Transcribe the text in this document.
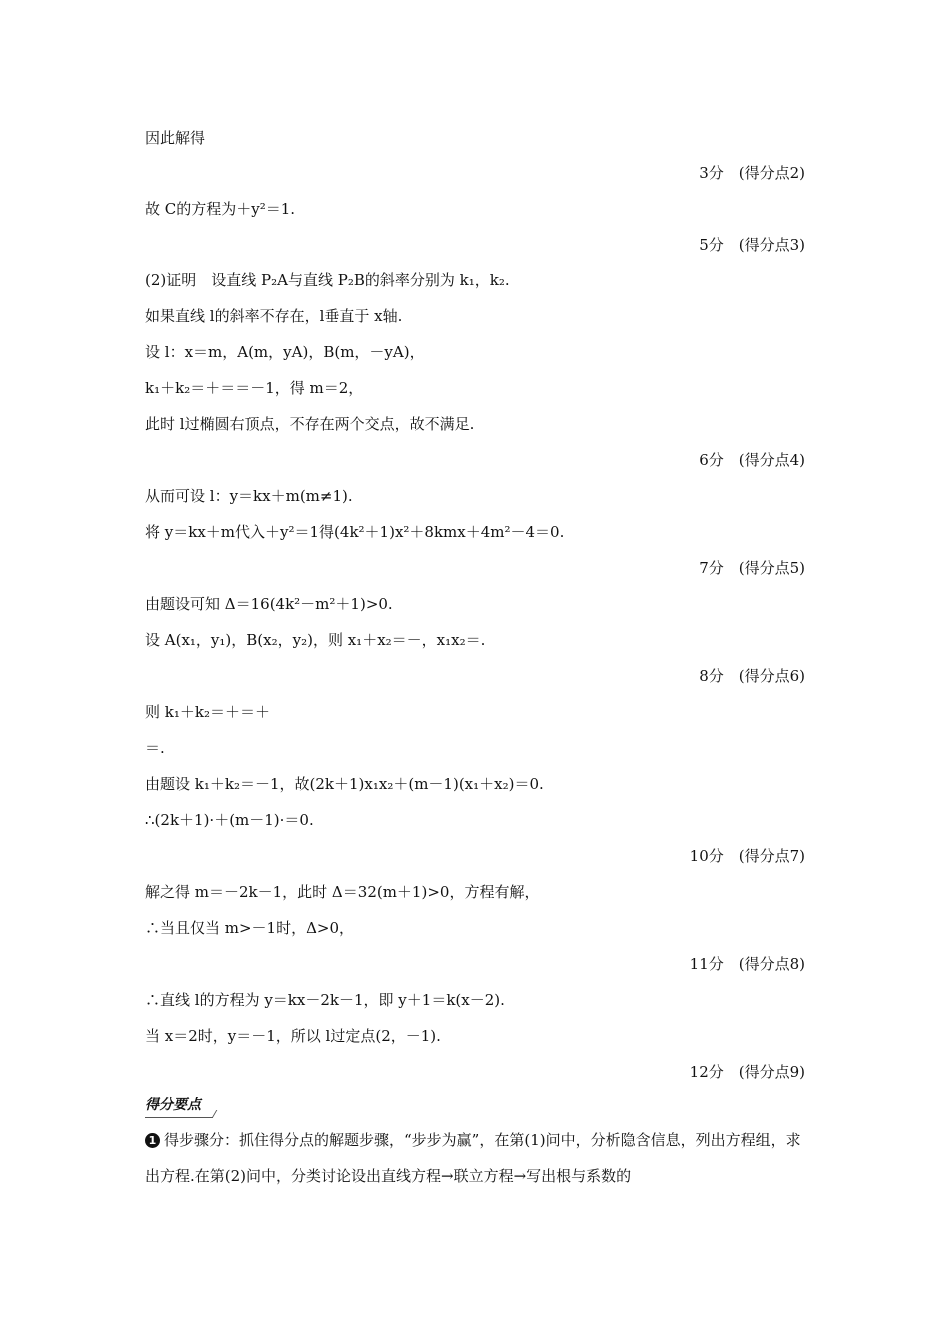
因此解得
3分　(得分点2)
故 C的方程为＋y²＝1.
5分　(得分点3)
(2)证明　设直线 P₂A与直线 P₂B的斜率分别为 k₁，k₂.
如果直线 l的斜率不存在，l垂直于 x轴.
设 l：x＝m，A(m，yA)，B(m，－yA)，
k₁＋k₂＝＋＝＝－1，得 m＝2，
此时 l过椭圆右顶点，不存在两个交点，故不满足.
6分　(得分点4)
从而可设 l：y＝kx＋m(m≠1).
将 y＝kx＋m代入＋y²＝1得(4k²＋1)x²＋8kmx＋4m²－4＝0.
7分　(得分点5)
由题设可知 Δ＝16(4k²－m²＋1)>0.
设 A(x₁，y₁)，B(x₂，y₂)，则 x₁＋x₂＝－，x₁x₂＝.
8分　(得分点6)
则 k₁＋k₂＝＋＝＋
＝.
由题设 k₁＋k₂＝－1，故(2k＋1)x₁x₂＋(m－1)(x₁＋x₂)＝0.
∴(2k＋1)·＋(m－1)·＝0.
10分　(得分点7)
解之得 m＝－2k－1，此时 Δ＝32(m＋1)>0，方程有解，
∴当且仅当 m>－1时，Δ>0，
11分　(得分点8)
∴直线 l的方程为 y＝kx－2k－1，即 y＋1＝k(x－2).
当 x＝2时，y＝－1，所以 l过定点(2，－1).
12分　(得分点9)
得分要点
1 得步骤分：抓住得分点的解题步骤，“步步为赢”，在第(1)问中，分析隐含信息，列出方程组，求出方程.在第(2)问中，分类讨论设出直线方程→联立方程→写出根与系数的
